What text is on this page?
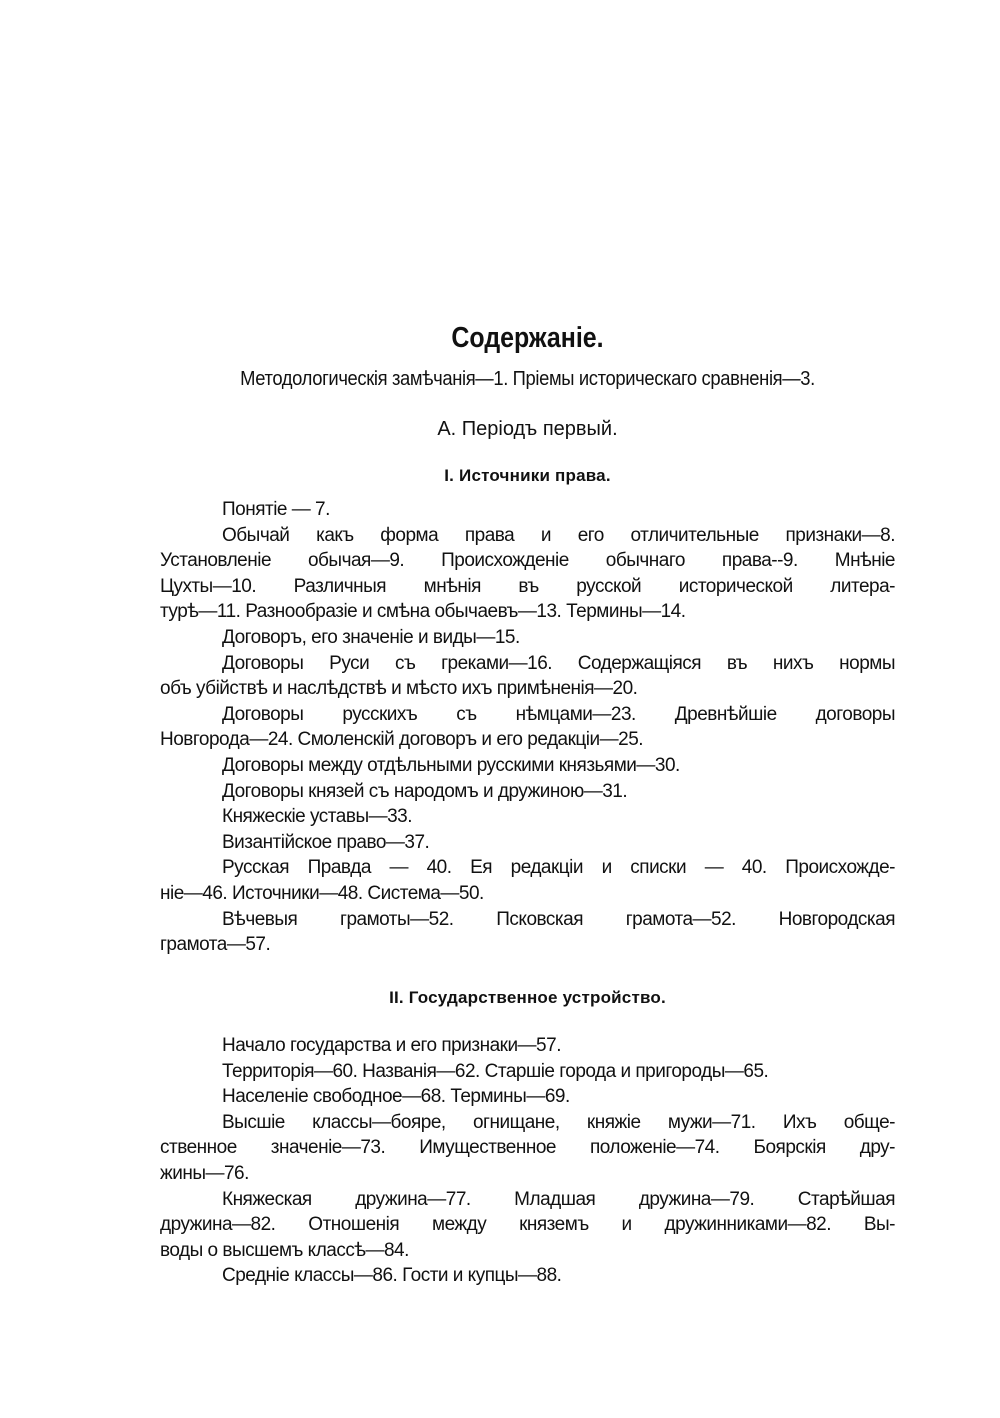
Содержаніе.
Методологическія замѣчанія—1. Пріемы историческаго сравненія—3.
А. Періодъ первый.
I. Источники права.
Понятіе — 7.
Обычай какъ форма права и его отличительные признаки—8.
Установленіе обычая—9. Происхожденіе обычнаго права--9. Мнѣніе
Цухты—10. Различныя мнѣнія въ русской исторической литера-
турѣ—11. Разнообразіе и смѣна обычаевъ—13. Термины—14.
Договоръ, его значеніе и виды—15.
Договоры Руси съ греками—16. Содержащіяся въ нихъ нормы
объ убійствѣ и наслѣдствѣ и мѣсто ихъ примѣненія—20.
Договоры русскихъ съ нѣмцами—23. Древнѣйшіе договоры
Новгорода—24. Смоленскій договоръ и его редакціи—25.
Договоры между отдѣльными русскими князьями—30.
Договоры князей съ народомъ и дружиною—31.
Княжескіе уставы—33.
Византійское право—37.
Русская Правда — 40. Ея редакціи и списки — 40. Происхожде-
ніе—46. Источники—48. Система—50.
Вѣчевыя грамоты—52. Псковская грамота—52. Новгородская
грамота—57.
II. Государственное устройство.
Начало государства и его признаки—57.
Территорія—60. Названія—62. Старшіе города и пригороды—65.
Населеніе свободное—68. Термины—69.
Высшіе классы—бояре, огнищане, княжіе мужи—71. Ихъ обще-
ственное значеніе—73. Имущественное положеніе—74. Боярскія дру-
жины—76.
Княжеская дружина—77. Младшая дружина—79. Старѣйшая
дружина—82. Отношенія между княземъ и дружинниками—82. Вы-
воды о высшемъ классѣ—84.
Средніе классы—86. Гости и купцы—88.
